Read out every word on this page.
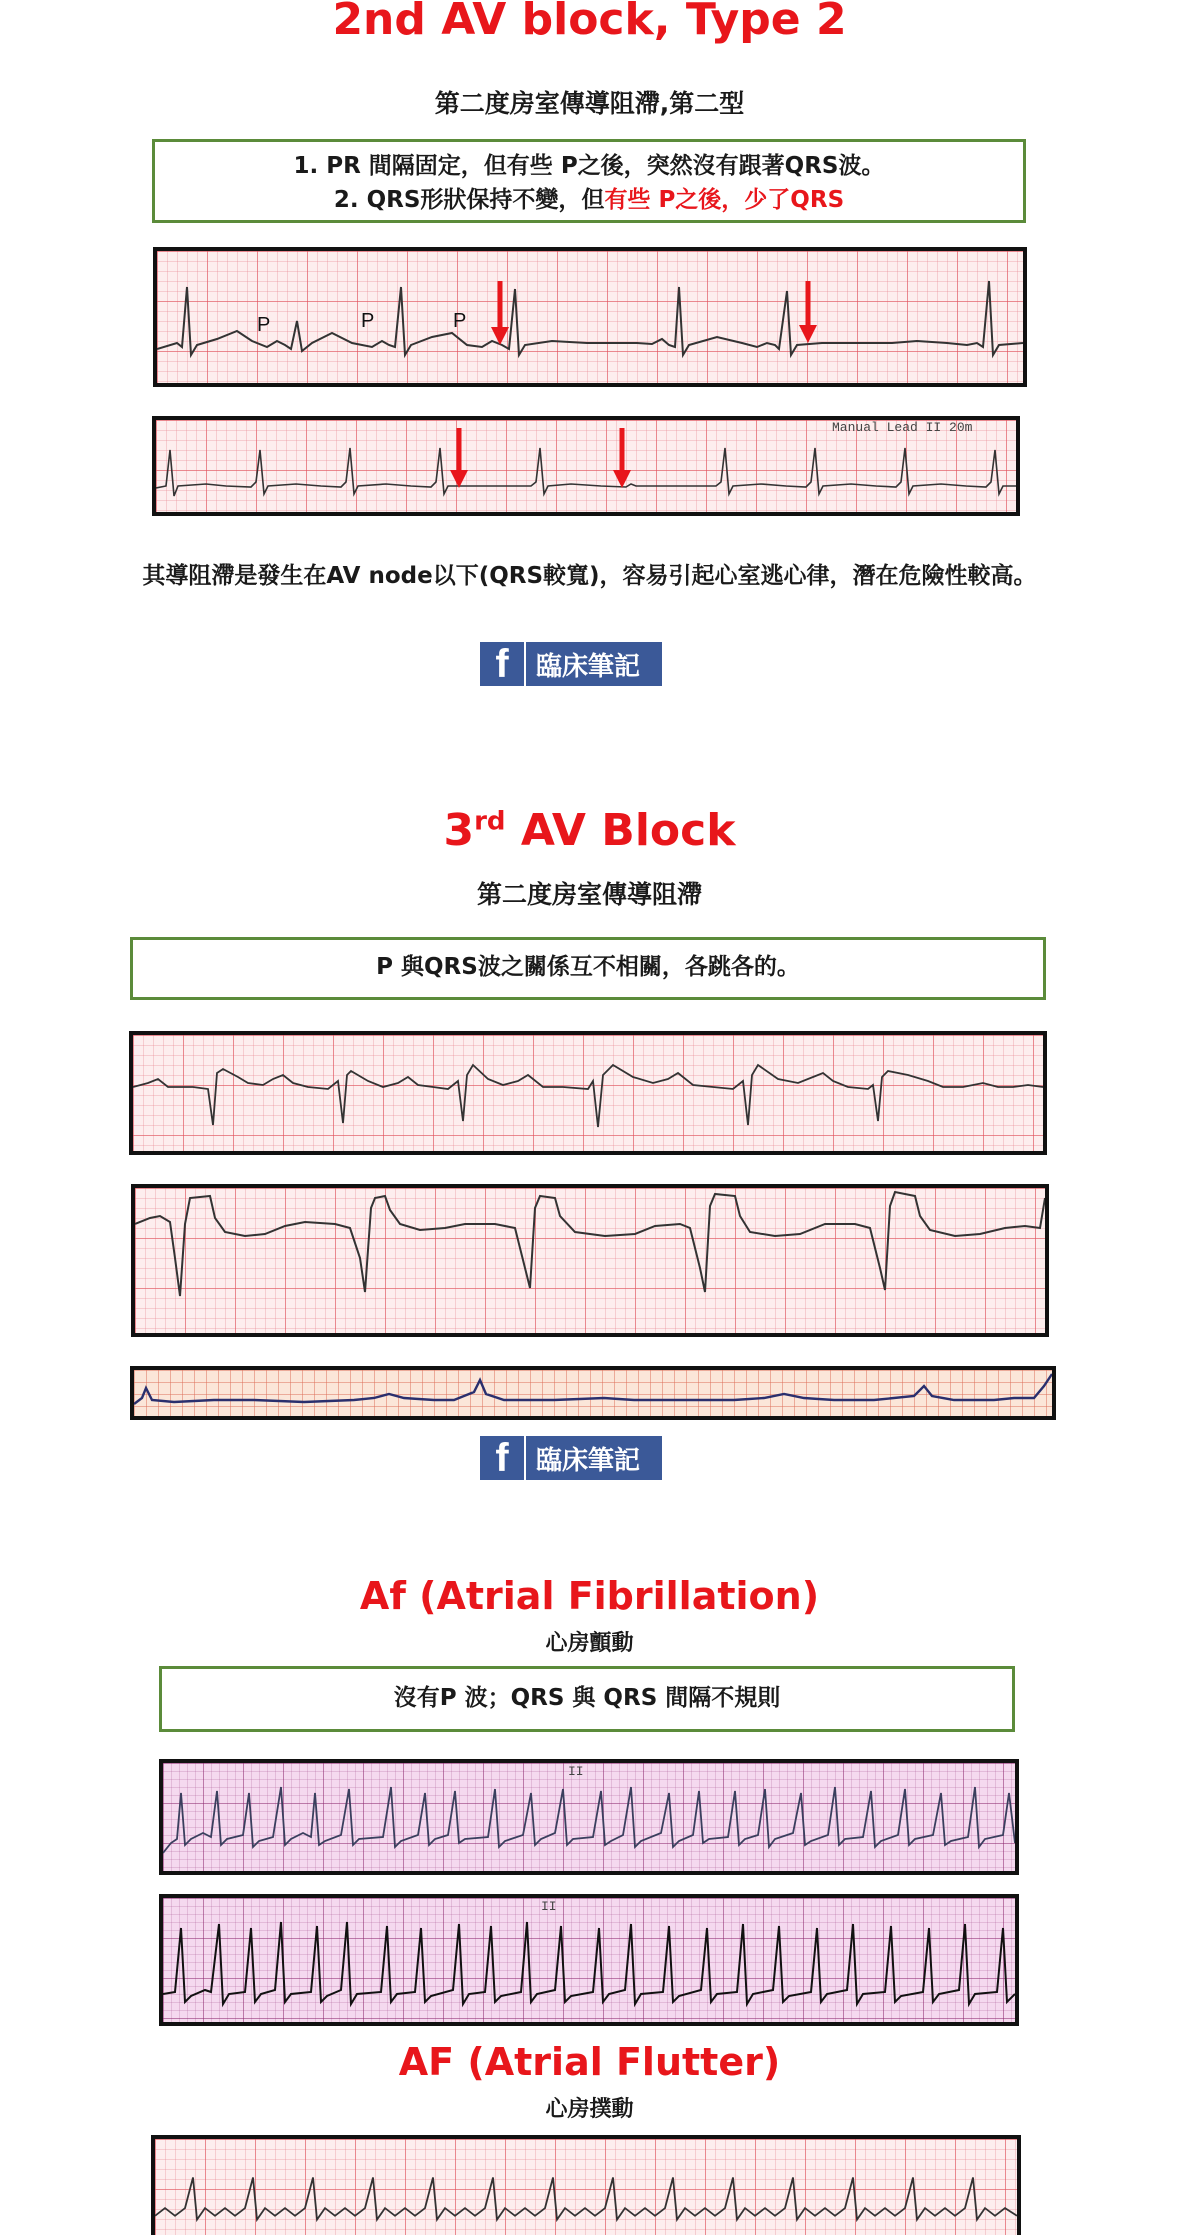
2nd AV block, Type 2
第二度房室傳導阻滯,第二型
1. PR 間隔固定，但有些 P之後，突然沒有跟著QRS波。
2. QRS形狀保持不變，但有些 P之後，少了QRS
P	P	P
Manual Lead II 20m
其導阻滯是發生在AV node以下(QRS較寬)，容易引起心室逃心律，潛在危險性較高。
f	臨床筆記
3rd AV Block
第二度房室傳導阻滯
P 與QRS波之關係互不相關，各跳各的。
f	臨床筆記
Af (Atrial Fibrillation)
心房顫動
沒有P 波；QRS 與 QRS 間隔不規則
II
II
AF (Atrial Flutter)
心房撲動
